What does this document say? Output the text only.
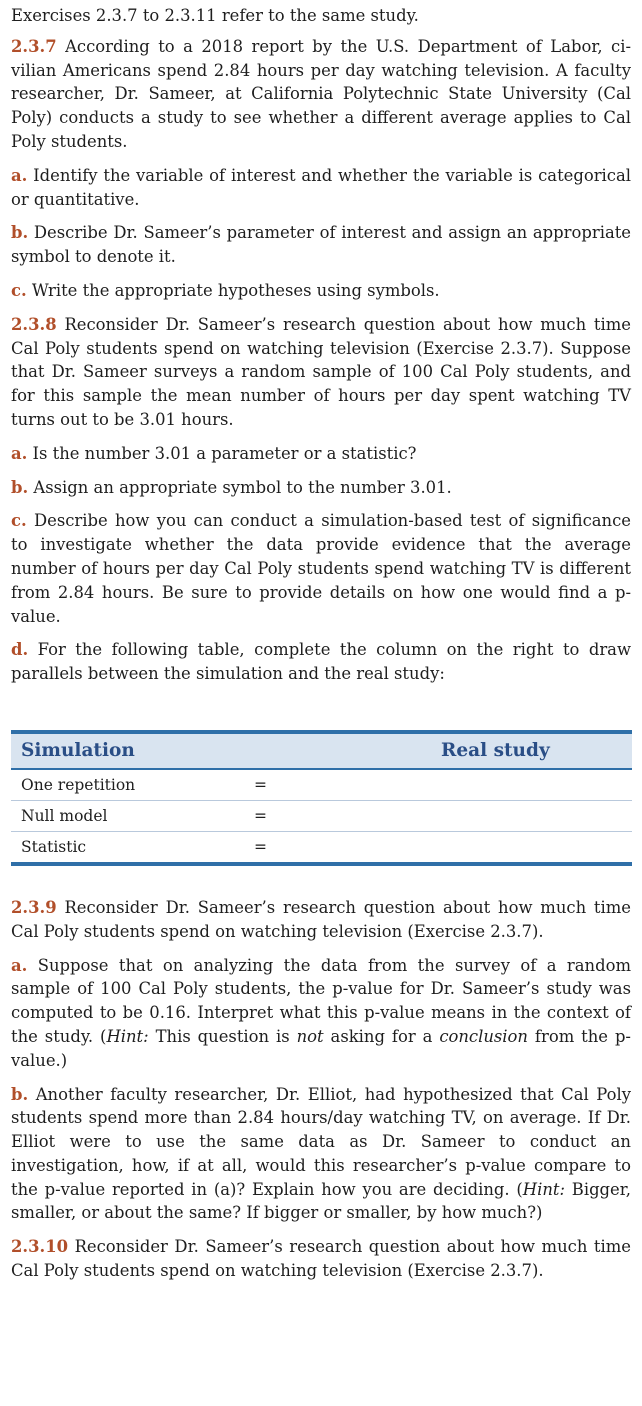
Exercises 2.3.7 to 2.3.11 refer to the same study.

2.3.7 According to a 2018 report by the U.S. Department of Labor, civilian Americans spend 2.84 hours per day watching television. A faculty researcher, Dr. Sameer, at California Polytechnic State University (Cal Poly) conducts a study to see whether a different average applies to Cal Poly students.

a. Identify the variable of interest and whether the variable is categorical or quantitative.

b. Describe Dr. Sameer’s parameter of interest and assign an appropriate symbol to denote it.

c. Write the appropriate hypotheses using symbols.

2.3.8 Reconsider Dr. Sameer’s research question about how much time Cal Poly students spend on watching television (Exercise 2.3.7). Suppose that Dr. Sameer surveys a random sample of 100 Cal Poly students, and for this sample the mean number of hours per day spent watching TV turns out to be 3.01 hours.

a. Is the number 3.01 a parameter or a statistic?

b. Assign an appropriate symbol to the number 3.01.

c. Describe how you can conduct a simulation-based test of significance to investigate whether the data provide evidence that the average number of hours per day Cal Poly students spend watching TV is different from 2.84 hours. Be sure to provide details on how one would find a p-value.

d. For the following table, complete the column on the right to draw parallels between the simulation and the real study:

Simulation	Real study
One repetition	=
Null model	=
Statistic	=

2.3.9 Reconsider Dr. Sameer’s research question about how much time Cal Poly students spend on watching television (Exercise 2.3.7).

a. Suppose that on analyzing the data from the survey of a random sample of 100 Cal Poly students, the p-value for Dr. Sameer’s study was computed to be 0.16. Interpret what this p-value means in the context of the study. (Hint: This question is not asking for a conclusion from the p-value.)

b. Another faculty researcher, Dr. Elliot, had hypothesized that Cal Poly students spend more than 2.84 hours/day watching TV, on average. If Dr. Elliot were to use the same data as Dr. Sameer to conduct an investigation, how, if at all, would this researcher’s p-value compare to the p-value reported in (a)? Explain how you are deciding. (Hint: Bigger, smaller, or about the same? If bigger or smaller, by how much?)

2.3.10 Reconsider Dr. Sameer’s research question about how much time Cal Poly students spend on watching television (Exercise 2.3.7).
